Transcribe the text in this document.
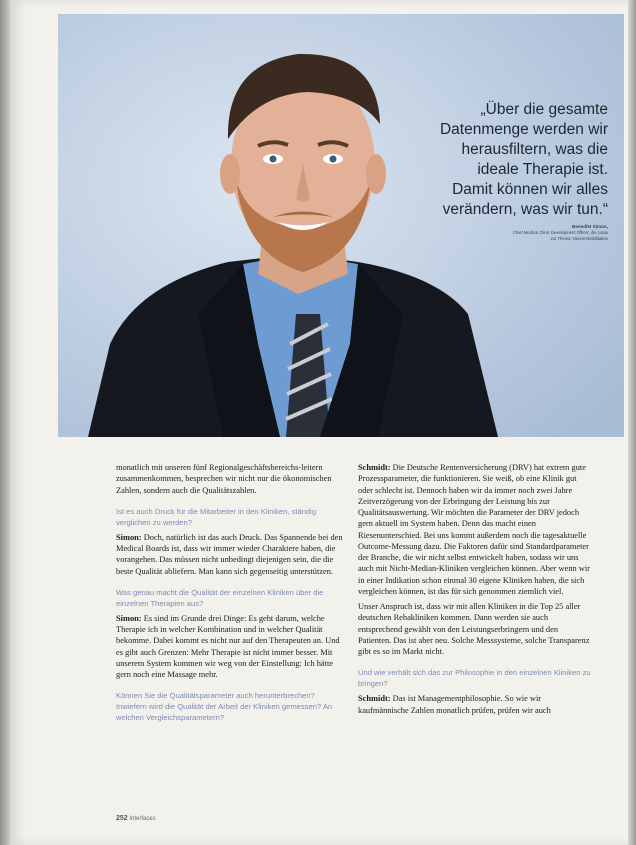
„Über die gesamte
Datenmenge werden wir
herausfiltern, was die
ideale Therapie ist.
Damit können wir alles
verändern, was wir tun.“
Benedikt Simon,
Chief Medical Clinic Development Officer, die Lotus
zur Thema: Neurorehabilitation

monatlich mit unseren fünf Regionalgeschäftsbereichs-leitern zusammenkommen, besprechen wir nicht nur die ökonomischen Zahlen, sondern auch die Qualitätszahlen.

Ist es auch Druck für die Mitarbeiter in den Kliniken, ständig verglichen zu werden?

Simon: Doch, natürlich ist das auch Druck. Das Spannende bei den Medical Boards ist, dass wir immer wieder Charaktere haben, die vorangehen. Das müssen nicht unbedingt diejenigen sein, die die beste Qualität abliefern. Man kann sich gegenseitig unterstützen.

Was genau macht die Qualität der einzelnen Kliniken über die einzelnen Therapien aus?

Simon: Es sind im Grunde drei Dinge: Es geht darum, welche Therapie ich in welcher Kombination und in welcher Qualität bekomme. Dabei kommt es nicht nur auf den Therapeuten an. Und es gibt auch Grenzen: Mehr Therapie ist nicht immer besser. Mit unserem System kommen wir weg von der Einstellung: Ich hätte gern noch eine Massage mehr.

Können Sie die Qualitätsparameter auch herunterbrechen? Inwiefern wird die Qualität der Arbeit der Kliniken gemessen? An welchen Vergleichsparametern?

Schmidt: Die Deutsche Rentenversicherung (DRV) hat extrem gute Prozessparameter, die funktionieren. Sie weiß, ob eine Klinik gut oder schlecht ist. Dennoch haben wir da immer noch zwei Jahre Zeitverzögerung von der Erbringung der Leistung bis zur Qualitätsauswertung. Wir möchten die Parameter der DRV jedoch gern aktuell im System haben. Denn das macht einen Riesenunterschied. Bei uns kommt außerdem noch die tagesaktuelle Outcome-Messung dazu. Die Faktoren dafür sind Standardparameter der Branche, die wir nicht selbst entwickelt haben, sodass wir uns auch mit Nicht-Median-Kliniken vergleichen können. Aber wenn wir in einer Indikation schon einmal 30 eigene Kliniken haben, die sich vergleichen können, ist das für sich genommen ziemlich viel.

Unser Anspruch ist, dass wir mit allen Kliniken in die Top 25 aller deutschen Rehakliniken kommen. Dann werden sie auch entsprechend gewählt von den Leistungserbringern und den Patienten. Das ist aber neu. Solche Messsysteme, solche Transparenz gibt es so im Markt nicht.

Und wie verhält sich das zur Philosophie in den einzelnen Kliniken zu bringen?

Schmidt: Das ist Managementphilosophie. So wie wir kaufmännische Zahlen monatlich prüfen, prüfen wir auch

252 Interfaces
